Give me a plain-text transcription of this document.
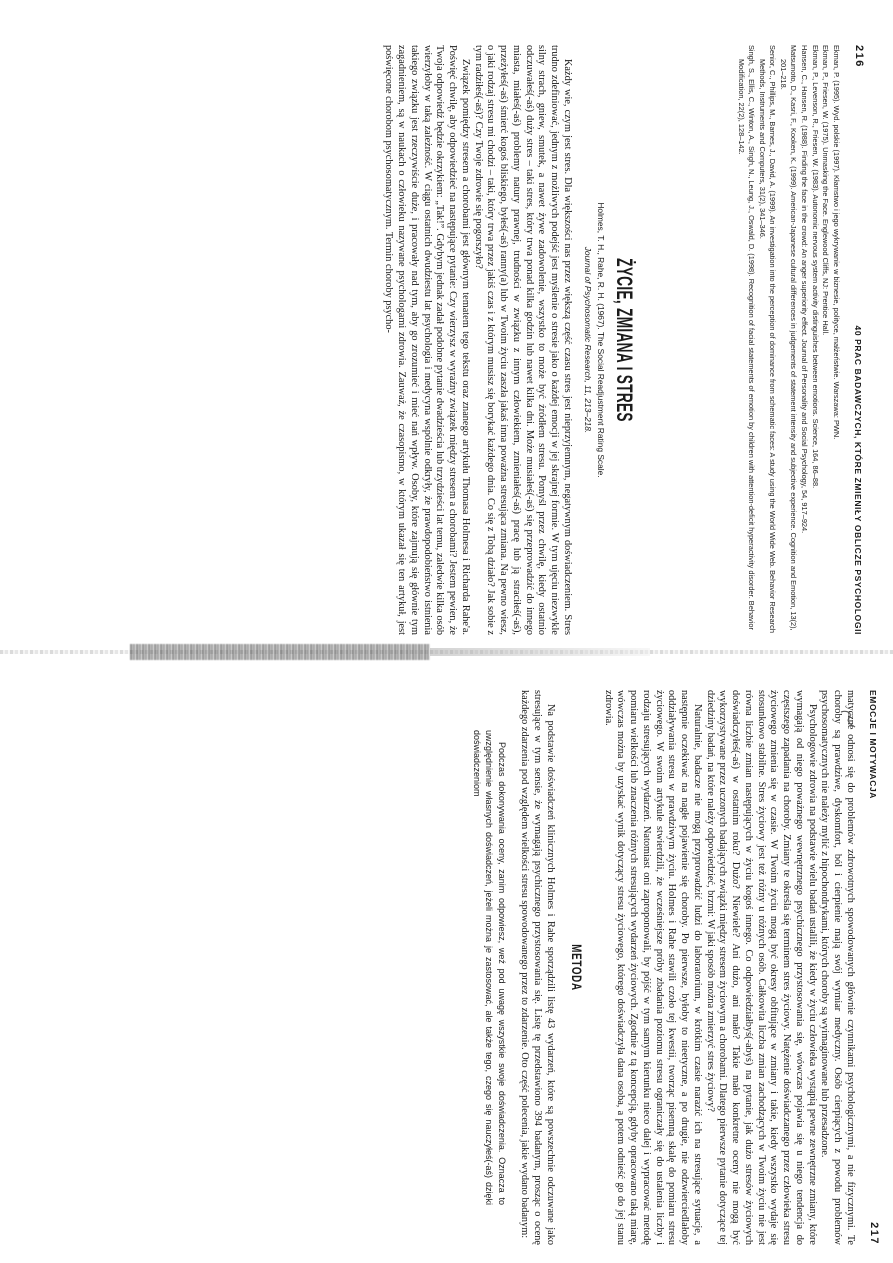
216
40 PRAC BADAWCZYCH, KTÓRE ZMIENIŁY OBLICZE PSYCHOLOGII

Ekman, P. (1995). Wyd. polskie (1997). Kłamstwo i jego wykrywanie w biznesie, polityce, małżeństwie. Warszawa: PWN.

Ekman, P., Friesen, W. (1975). Unmasking the Face. Englewood Cliffs, NJ: Prentice Hall.

Ekman, P., Levenson, R., Friesen, W. (1983). Autonomic nervous system activity distinguishes between emotions. Science, 164, 86–88.

Hansen, C., Hansen, R. (1988). Finding the face in the crowd: An anger superiority effect. Journal of Personality and Social Psychology, 54, 917–924.

Matsumoto, D., Kasri, F., Kooken, K. (1999). American-Japanese cultural differences in judgements of statement intensity and subjective experience. Cognition and Emotion, 13(2), 201–218.

Senior, C., Phillips, M., Barnes, J., David, A. (1999). An investigation into the perception of dominance from schematic faces: A study using the World Wide Web. Behavior Research Methods, Instruments and Computers, 31(2), 341–346.

Singh, S., Ellis, C., Winton, A., Singh, N., Leung, J., Oswald, D. (1998). Recognition of facial statements of emotion by children with attention-deficit hyperactivity disorder. Behavior Modification, 22(2), 128–142.

ŻYCIE, ZMIANA I STRES
Holmes, T. H., Rahe, R. H. (1967). The Social Readjustment Rating Scale.
Journal of Psychosomatic Research, 11, 213–218.

Każdy wie, czym jest stres. Dla większości nas przez większą część czasu stres jest nieprzyjemnym, negatywnym doświadczeniem. Stres trudno zdefiniować, jednym z możliwych podejść jest myślenie o stresie jako o każdej emocji w jej skrajnej formie. W tym ujęciu niezwykle silny strach, gniew, smutek, a nawet żywe zadowolenie, wszystko to może być źródłem stresu. Pomyśl przez chwilę, kiedy ostatnio odczuwałeś(-aś) duży stres – taki stres, który trwa ponad kilka godzin lub nawet kilka dni. Może musiałeś(-aś) się przeprowadzić do innego miasta, miałeś(-aś) problemy natury prawnej, trudności w związku z innym człowiekiem, zmieniałeś(-aś) pracę lub ją straciłeś(-aś), przeżyłeś(-aś) śmierć kogoś bliskiego, byłeś(-aś) ranny(a) lub w Twoim życiu zaszła jakaś inna poważna stresująca zmiana. Na pewno wiesz, o jaki rodzaj stresu mi chodzi – taki, który trwa przez jakiś czas i z którym musisz się borykać każdego dnia. Co się z Tobą działo? Jak sobie z tym radziłeś(-aś)? Czy Twoje zdrowie się pogorszyło?

Związek pomiędzy stresem a chorobami jest głównym tematem tego tekstu oraz znanego artykułu Thomasa Holmesa i Richarda Rahe'a. Poświęć chwilę, aby odpowiedzieć na następujące pytanie: Czy wierzysz w wyraźny związek między stresem a chorobami? Jestem pewien, że Twoja odpowiedź będzie okrzykiem: „Tak!”. Gdybym jednak zadał podobne pytanie dwadzieścia lub trzydzieści lat temu, zaledwie kilka osób wierzyłoby w taką zależność. W ciągu ostatnich dwudziestu lat psychologia i medycyna wspólnie odkryły, że prawdopodobieństwo istnienia takiego związku jest rzeczywiście duże, i pracowały nad tym, aby go zrozumieć i mieć nań wpływ. Osoby, które zajmują się głównie tym zagadnieniem, są w naukach o człowieku nazywane psychologami zdrowia. Zauważ, że czasopismo, w którym ukazał się ten artykuł, jest poświęcone chorobom psychosomatycznym. Termin choroby psycho-

EMOCJE I MOTYWACJA
217

matyczne odnosi się do problemów zdrowotnych spowodowanych głównie czynnikami psychologicznymi, a nie fizycznymi. Te choroby są prawdziwe, dyskomfort, ból i cierpienie mają swój wymiar medyczny. Osób cierpiących z powodu problemów psychosomatycznych nie należy mylić z hipochondrykami, których choroby są wyimaginowane lub przesadzone.

Psychologowie zdrowia na podstawie wielu badań ustalili, że kiedy w życiu człowieka wystąpią pewne zewnętrzne zmiany, które wymagają od niego poważnego wewnętrznego psychicznego przystosowania się, wówczas pojawia się u niego tendencja do częstszego zapadania na choroby. Zmiany te określa się terminem stres życiowy. Natężenie doświadczanego przez człowieka stresu życiowego zmienia się w czasie. W Twoim życiu mogą być okresy obfitujące w zmiany i takie, kiedy wszystko wydaje się stosunkowo stabilne. Stres życiowy jest też różny u różnych osób. Całkowita liczba zmian zachodzących w Twoim życiu nie jest równa liczbie zmian następujących w życiu kogoś innego. Co odpowiedziałbyś(-abyś) na pytanie, jak dużo stresów życiowych doświadczyłeś(-aś) w ostatnim roku? Dużo? Niewiele? Ani dużo, ani mało? Takie mało konkretne oceny nie mogą być wykorzystywane przez uczonych badających związki między stresem życiowym a chorobami. Dlatego pierwsze pytanie dotyczące tej dziedziny badań, na które należy odpowiedzieć, brzmi: W jaki sposób można zmierzyć stres życiowy?

Naturalnie, badacze nie mogą przyprowadzić ludzi do laboratorium, w krótkim czasie narazić ich na stresujące sytuacje, a następnie oczekiwać na nagłe pojawienie się choroby. Po pierwsze, byłoby to nieetyczne, a po drugie, nie odzwierciedlałoby oddziaływania stresu w prawdziwym życiu. Holmes i Rahe stawili czoło tej kwestii, tworząc pisemną skalę do pomiaru stresu życiowego. W swoim artykule stwierdzili, że wcześniejsze próby zbadania poziomu stresu ograniczały się do ustalenia liczby i rodzaju stresujących wydarzeń. Natomiast oni zaproponowali, by pójść w tym samym kierunku nieco dalej i wypracować metodę pomiaru wielkości lub znaczenia różnych stresujących wydarzeń życiowych. Zgodnie z tą koncepcją, gdyby opracowano taką miarę, wówczas można by uzyskać wynik dotyczący stresu życiowego, którego doświadczyła dana osoba, a potem odnieść go do jej stanu zdrowia.

METODA

Na podstawie doświadczeń klinicznych Holmes i Rahe sporządzili listę 43 wydarzeń, które są powszechnie odczuwane jako stresujące w tym sensie, że wymagają psychicznego przystosowania się. Listę tę przedstawiono 394 badanym, prosząc o ocenę każdego zdarzenia pod względem wielkości stresu spowodowanego przez to zdarzenie. Oto część polecenia, jakie wydano badanym:

Podczas dokonywania oceny, zanim odpowiesz, weź pod uwagę wszystkie swoje doświadczenia. Oznacza to uwzględnienie własnych doświadczeń, jeżeli można je zastosować, ale także tego, czego się nauczyłeś(-aś) dzięki doświadczeniom
